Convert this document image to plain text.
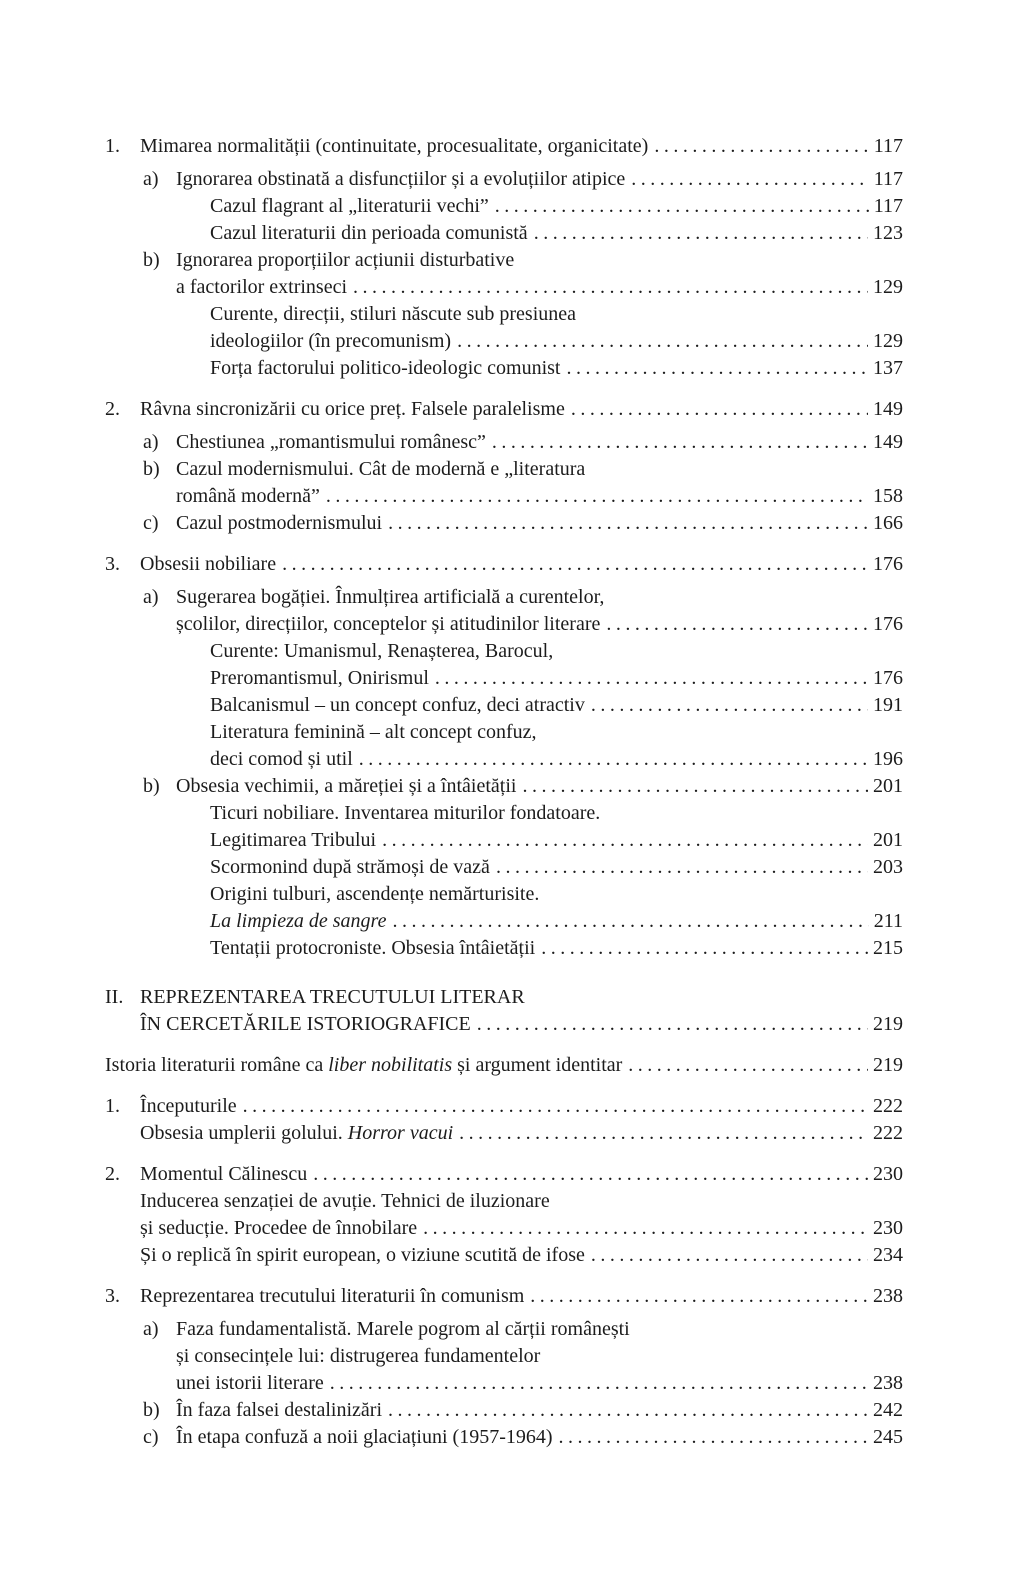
1. Mimarea normalității (continuitate, procesualitate, organicitate) .....	117
a) Ignorarea obstinată a disfuncțiilor și a evoluțiilor atipice .....	117
Cazul flagrant al „literaturii vechi” .....	117
Cazul literaturii din perioada comunistă .....	123
b) Ignorarea proporțiilor acțiunii disturbative
a factorilor extrinseci .....	129
Curente, direcții, stiluri născute sub presiunea
ideologiilor (în precomunism) .....	129
Forța factorului politico-ideologic comunist .....	137
2. Râvna sincronizării cu orice preț. Falsele paralelisme .....	149
a) Chestiunea „romantismului românesc” .....	149
b) Cazul modernismului. Cât de modernă e „literatura
română modernă” .....	158
c) Cazul postmodernismului .....	166
3. Obsesii nobiliare .....	176
a) Sugerarea bogăției. Înmulțirea artificială a curentelor,
școlilor, direcțiilor, conceptelor și atitudinilor literare .....	176
Curente: Umanismul, Renașterea, Barocul,
Preromantismul, Onirismul .....	176
Balcanismul – un concept confuz, deci atractiv .....	191
Literatura feminină – alt concept confuz,
deci comod și util .....	196
b) Obsesia vechimii, a măreției și a întâietății .....	201
Ticuri nobiliare. Inventarea miturilor fondatoare.
Legitimarea Tribului .....	201
Scormonind după strămoși de vază .....	203
Origini tulburi, ascendențe nemărturisite.
La limpieza de sangre .....	211
Tentații protocroniste. Obsesia întâietății .....	215
II. REPREZENTAREA TRECUTULUI LITERAR
ÎN CERCETĂRILE ISTORIOGRAFICE .....	219
Istoria literaturii române ca liber nobilitatis și argument identitar .....	219
1. Începuturile .....	222
Obsesia umplerii golului. Horror vacui .....	222
2. Momentul Călinescu .....	230
Inducerea senzației de avuție. Tehnici de iluzionare
și seducție. Procedee de înnobilare .....	230
Și o replică în spirit european, o viziune scutită de ifose .....	234
3. Reprezentarea trecutului literaturii în comunism .....	238
a) Faza fundamentalistă. Marele pogrom al cărții românești
și consecințele lui: distrugerea fundamentelor
unei istorii literare .....	238
b) În faza falsei destalinizări .....	242
c) În etapa confuză a noii glaciațiuni (1957-1964) .....	245
